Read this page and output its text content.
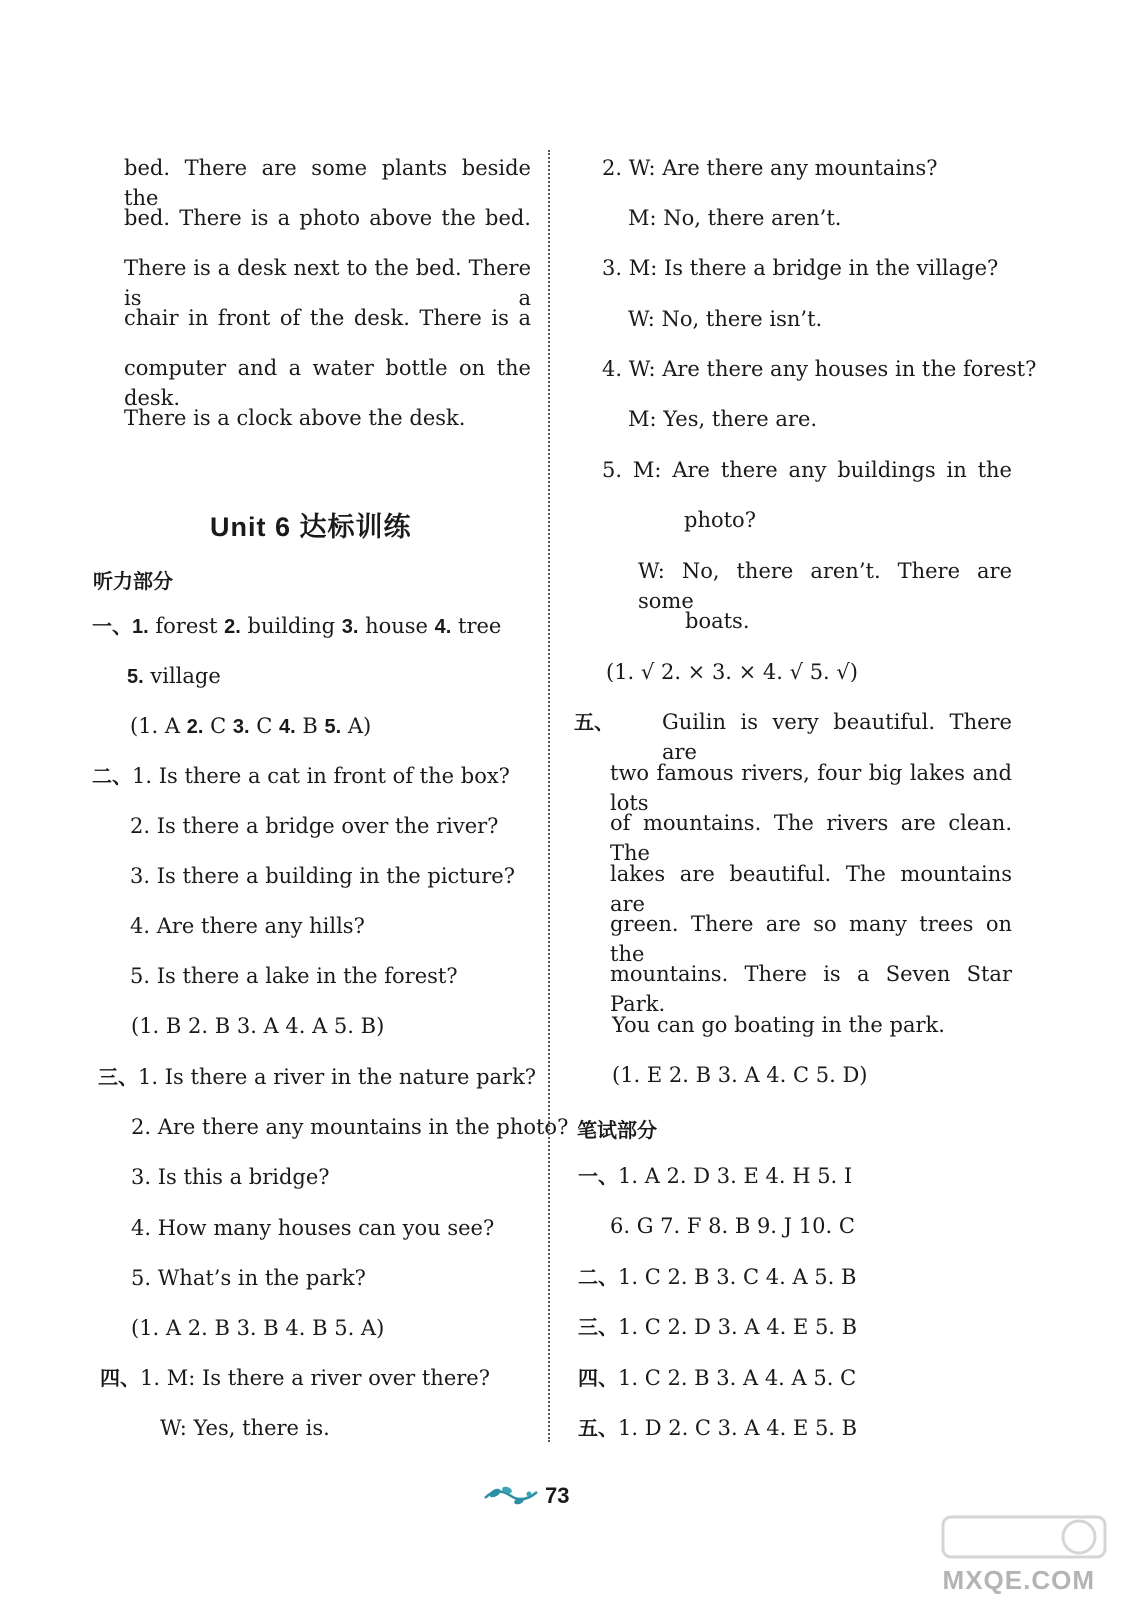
bed. There are some plants beside the
bed. There is a photo above the bed.
There is a desk next to the bed. There is a
chair in front of the desk. There is a
computer and a water bottle on the desk.
There is a clock above the desk.
Unit 6 达标训练
听力部分
一、1. forest 2. building 3. house 4. tree
5. village
(1. A 2. C 3. C 4. B 5. A)
二、1. Is there a cat in front of the box?
2. Is there a bridge over the river?
3. Is there a building in the picture?
4. Are there any hills?
5. Is there a lake in the forest?
(1. B 2. B 3. A 4. A 5. B)
三、1. Is there a river in the nature park?
2. Are there any mountains in the photo?
3. Is this a bridge?
4. How many houses can you see?
5. What’s in the park?
(1. A 2. B 3. B 4. B 5. A)
四、1. M: Is there a river over there?
W: Yes, there is.
2. W: Are there any mountains?
M: No, there aren’t.
3. M: Is there a bridge in the village?
W: No, there isn’t.
4. W: Are there any houses in the forest?
M: Yes, there are.
5. M: Are there any buildings in the
photo?
W: No, there aren’t. There are some
boats.
(1. √ 2. × 3. × 4. √ 5. √)
五、 Guilin is very beautiful. There are
two famous rivers, four big lakes and lots
of mountains. The rivers are clean. The
lakes are beautiful. The mountains are
green. There are so many trees on the
mountains. There is a Seven Star Park.
You can go boating in the park.
(1. E 2. B 3. A 4. C 5. D)
笔试部分
一、1. A 2. D 3. E 4. H 5. I
6. G 7. F 8. B 9. J 10. C
二、1. C 2. B 3. C 4. A 5. B
三、1. C 2. D 3. A 4. E 5. B
四、1. C 2. B 3. A 4. A 5. C
五、1. D 2. C 3. A 4. E 5. B
73
MXQE.COM
